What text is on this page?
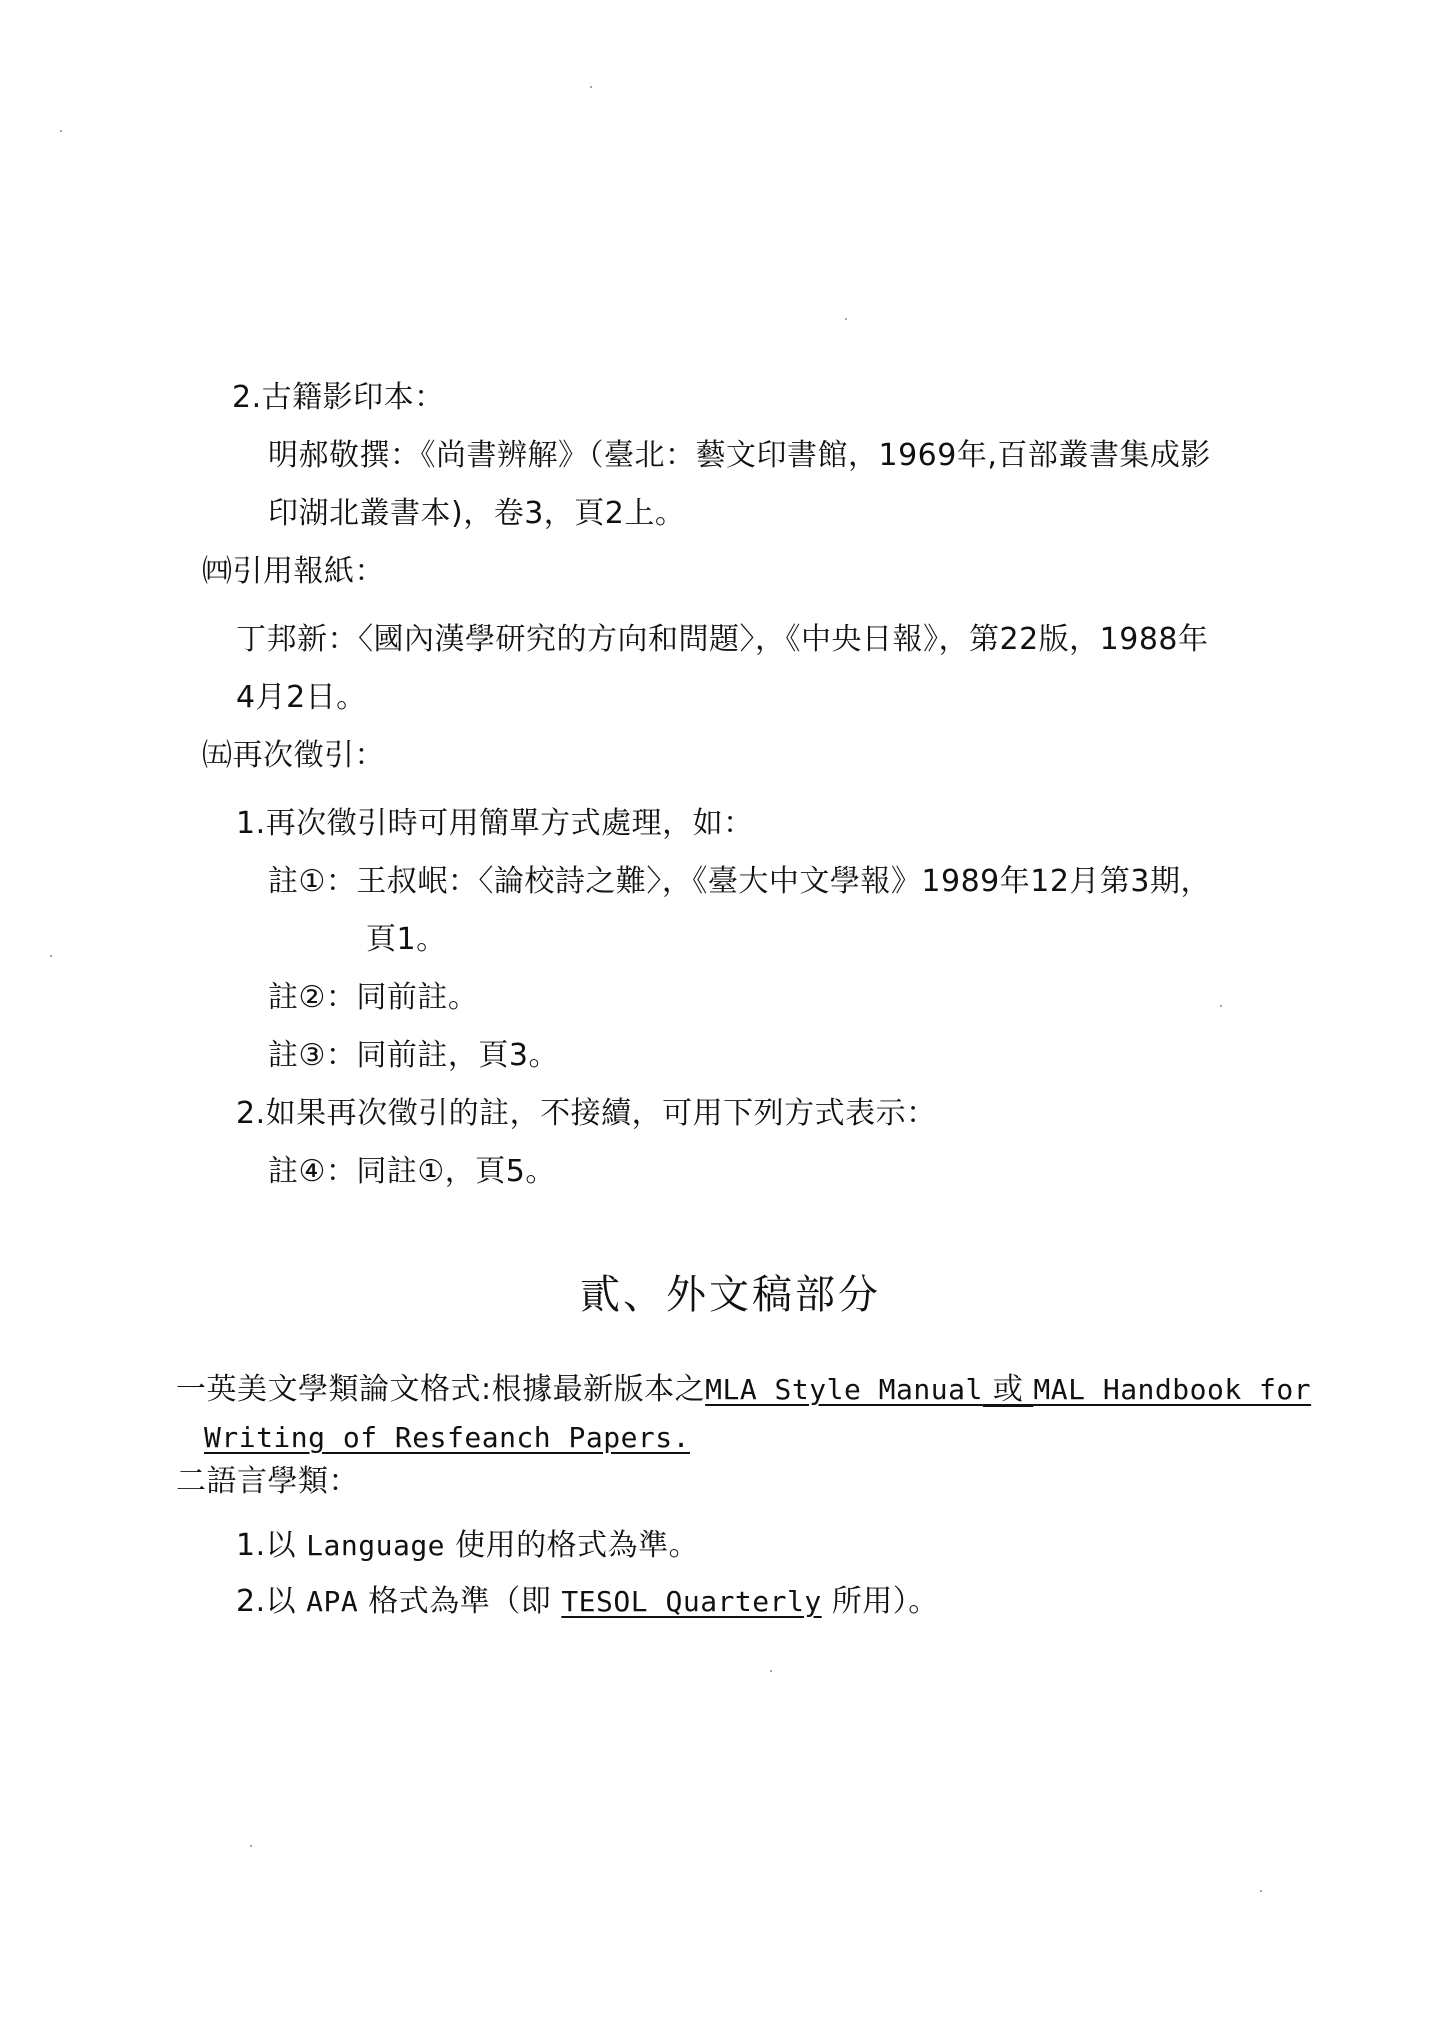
2.古籍影印本：
明郝敬撰：《尚書辨解》（臺北：藝文印書館，1969年,百部叢書集成影
印湖北叢書本)，卷3，頁2上。
㈣引用報紙：
丁邦新：〈國內漢學研究的方向和問題〉，《中央日報》，第22版，1988年
4月2日。
㈤再次徵引：
1.再次徵引時可用簡單方式處理，如：
註①：王叔岷：〈論校詩之難〉，《臺大中文學報》1989年12月第3期，
頁1。
註②：同前註。
註③：同前註，頁3。
2.如果再次徵引的註，不接續，可用下列方式表示：
註④：同註①，頁5。
貳、外文稿部分
一英美文學類論文格式:根據最新版本之MLA Style Manual 或 MAL Handbook for
Writing of Resfeanch Papers.
二語言學類：
1.以 Language 使用的格式為準。
2.以 APA 格式為準（即 TESOL Quarterly 所用）。
